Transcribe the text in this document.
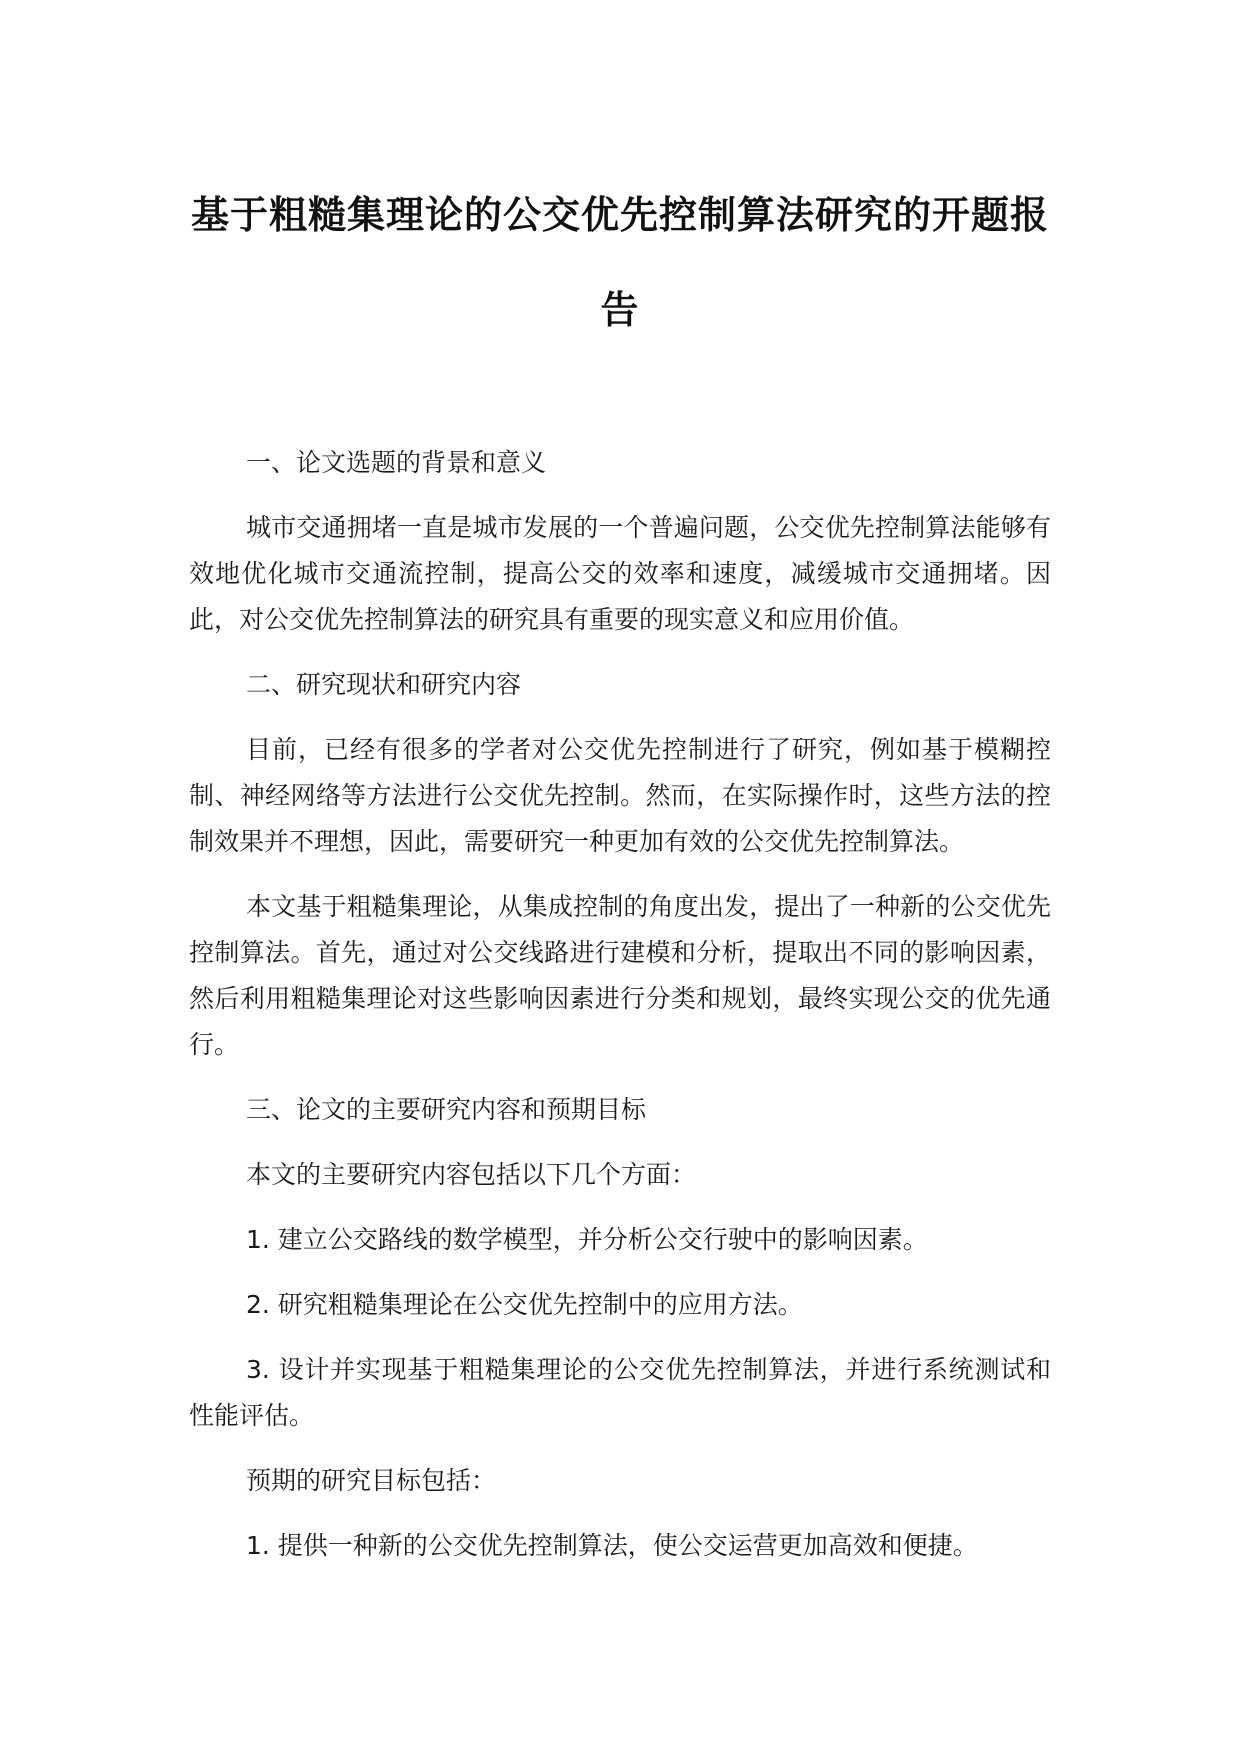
基于粗糙集理论的公交优先控制算法研究的开题报告

一、论文选题的背景和意义

城市交通拥堵一直是城市发展的一个普遍问题，公交优先控制算法能够有效地优化城市交通流控制，提高公交的效率和速度，减缓城市交通拥堵。因此，对公交优先控制算法的研究具有重要的现实意义和应用价值。

二、研究现状和研究内容

目前，已经有很多的学者对公交优先控制进行了研究，例如基于模糊控制、神经网络等方法进行公交优先控制。然而，在实际操作时，这些方法的控制效果并不理想，因此，需要研究一种更加有效的公交优先控制算法。

本文基于粗糙集理论，从集成控制的角度出发，提出了一种新的公交优先控制算法。首先，通过对公交线路进行建模和分析，提取出不同的影响因素，然后利用粗糙集理论对这些影响因素进行分类和规划，最终实现公交的优先通行。

三、论文的主要研究内容和预期目标

本文的主要研究内容包括以下几个方面：

1. 建立公交路线的数学模型，并分析公交行驶中的影响因素。

2. 研究粗糙集理论在公交优先控制中的应用方法。

3. 设计并实现基于粗糙集理论的公交优先控制算法，并进行系统测试和性能评估。

预期的研究目标包括：

1. 提供一种新的公交优先控制算法，使公交运营更加高效和便捷。
